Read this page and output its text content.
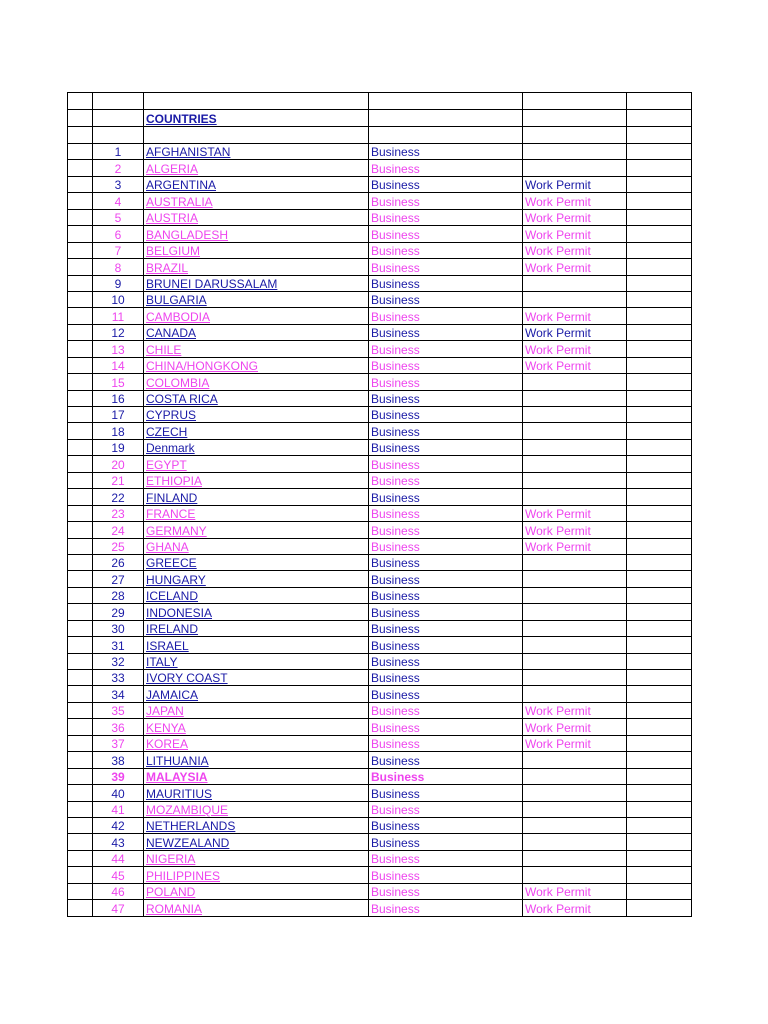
		COUNTRIES			

	1	AFGHANISTAN	Business		
	2	ALGERIA	Business		
	3	ARGENTINA	Business	Work Permit	
	4	AUSTRALIA	Business	Work Permit	
	5	AUSTRIA	Business	Work Permit	
	6	BANGLADESH	Business	Work Permit	
	7	BELGIUM	Business	Work Permit	
	8	BRAZIL	Business	Work Permit	
	9	BRUNEI DARUSSALAM	Business		
	10	BULGARIA	Business		
	11	CAMBODIA	Business	Work Permit	
	12	CANADA	Business	Work Permit	
	13	CHILE	Business	Work Permit	
	14	CHINA/HONGKONG	Business	Work Permit	
	15	COLOMBIA	Business		
	16	COSTA RICA	Business		
	17	CYPRUS	Business		
	18	CZECH	Business		
	19	Denmark	Business		
	20	EGYPT	Business		
	21	ETHIOPIA	Business		
	22	FINLAND	Business		
	23	FRANCE	Business	Work Permit	
	24	GERMANY	Business	Work Permit	
	25	GHANA	Business	Work Permit	
	26	GREECE	Business		
	27	HUNGARY	Business		
	28	ICELAND	Business		
	29	INDONESIA	Business		
	30	IRELAND	Business		
	31	ISRAEL	Business		
	32	ITALY	Business		
	33	IVORY COAST	Business		
	34	JAMAICA	Business		
	35	JAPAN	Business	Work Permit	
	36	KENYA	Business	Work Permit	
	37	KOREA	Business	Work Permit	
	38	LITHUANIA	Business		
	39	MALAYSIA	Business		
	40	MAURITIUS	Business		
	41	MOZAMBIQUE	Business		
	42	NETHERLANDS	Business		
	43	NEWZEALAND	Business		
	44	NIGERIA	Business		
	45	PHILIPPINES	Business		
	46	POLAND	Business	Work Permit	
	47	ROMANIA	Business	Work Permit	
